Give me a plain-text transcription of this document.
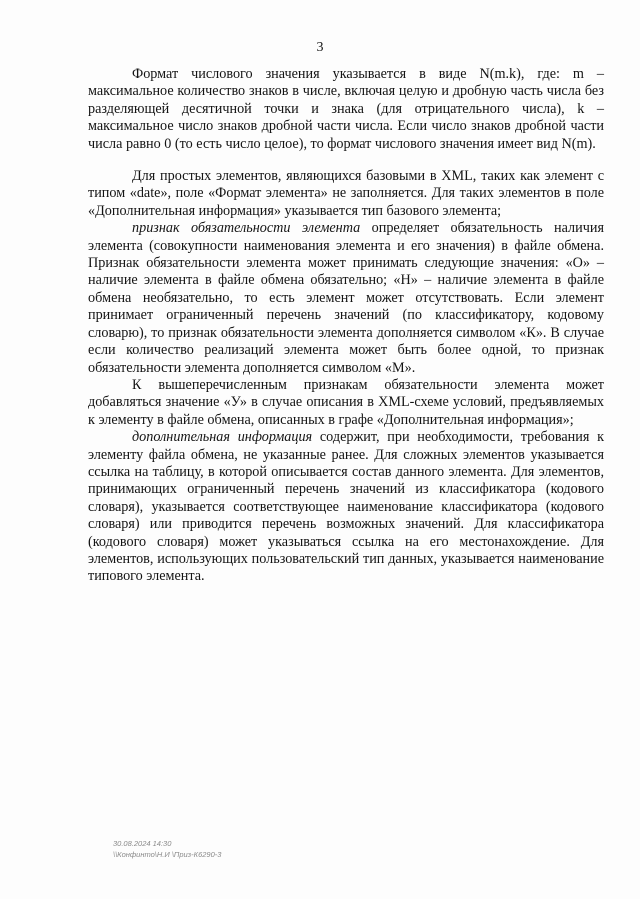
3

Формат числового значения указывается в виде N(m.k), где: m – максимальное количество знаков в числе, включая целую и дробную часть числа без разделяющей десятичной точки и знака (для отрицательного числа), k – максимальное число знаков дробной части числа. Если число знаков дробной части числа равно 0 (то есть число целое), то формат числового значения имеет вид N(m).

Для простых элементов, являющихся базовыми в XML, таких как элемент с типом «date», поле «Формат элемента» не заполняется. Для таких элементов в поле «Дополнительная информация» указывается тип базового элемента;

признак обязательности элемента определяет обязательность наличия элемента (совокупности наименования элемента и его значения) в файле обмена. Признак обязательности элемента может принимать следующие значения: «О» – наличие элемента в файле обмена обязательно; «Н» – наличие элемента в файле обмена необязательно, то есть элемент может отсутствовать. Если элемент принимает ограниченный перечень значений (по классификатору, кодовому словарю), то признак обязательности элемента дополняется символом «К». В случае если количество реализаций элемента может быть более одной, то признак обязательности элемента дополняется символом «М».

К вышеперечисленным признакам обязательности элемента может добавляться значение «У» в случае описания в XML-схеме условий, предъявляемых к элементу в файле обмена, описанных в графе «Дополнительная информация»;

дополнительная информация содержит, при необходимости, требования к элементу файла обмена, не указанные ранее. Для сложных элементов указывается ссылка на таблицу, в которой описывается состав данного элемента. Для элементов, принимающих ограниченный перечень значений из классификатора (кодового словаря), указывается соответствующее наименование классификатора (кодового словаря) или приводится перечень возможных значений. Для классификатора (кодового словаря) может указываться ссылка на его местонахождение. Для элементов, использующих пользовательский тип данных, указывается наименование типового элемента.

30.08.2024 14:30
\\Конфинто\Н.И \Приз-К6290-3
